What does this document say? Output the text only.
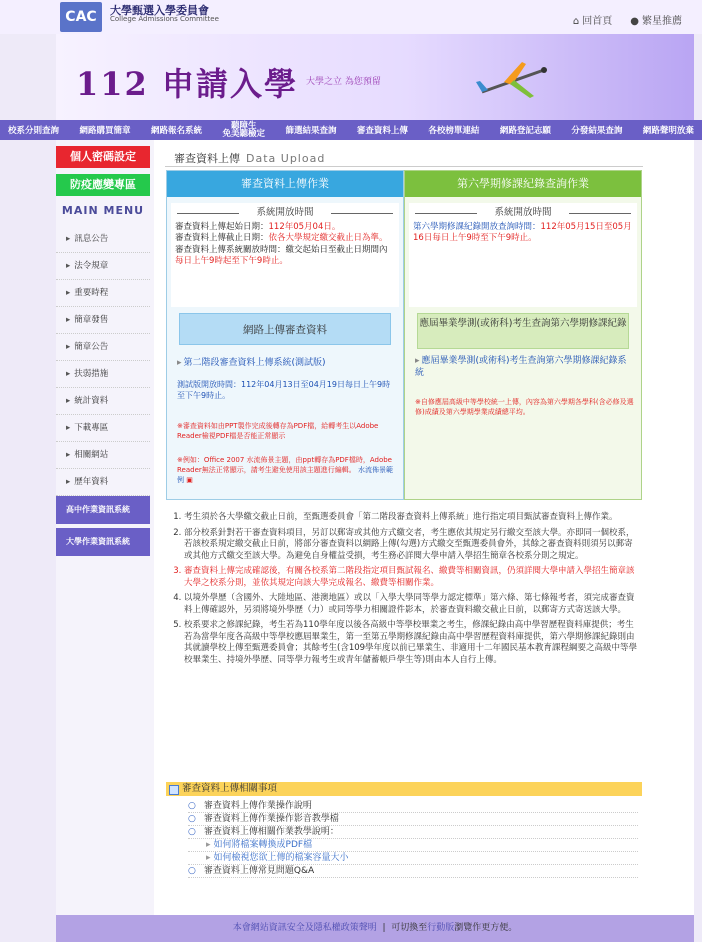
CAC	大學甄選入學委員會
College Admissions Committee	⌂ 回首頁 ● 繁星推薦
112 申請入學 大學之立 為您預留
校系分則查詢 網路購買簡章 網路報名系統	聽障生
免美聽檢定 篩選結果查詢 審查資料上傳 各校榜單連結 網路登記志願 分發結果查詢 網路聲明放棄
個人密碼設定
防疫應變專區
MAIN MENU
▸ 訊息公告
▸ 法令規章
▸ 重要時程
▸ 簡章發售
▸ 簡章公告
▸ 扶弱措施
▸ 統計資料
▸ 下載專區
▸ 相關網站
▸ 歷年資料
高中作業資訊系統
大學作業資訊系統
審查資料上傳 Data Upload
審查資料上傳作業
系統開放時間
審查資料上傳起始日期：112年05月04日。
審查資料上傳截止日期：依各大學規定繳交截止日為準。
審查資料上傳系統關放時間：繳交起始日至截止日期間內每日上午9時起至下午9時止。
網路上傳審查資料
▸ 第二階段審查資料上傳系統(測試版)
測試版開放時間：112年04月13日至04月19日每日上午9時至下午9時止。
※審查資料如由PPT製作完成後轉存為PDF檔，給轉考生以Adobe Reader檢視PDF檔是否能正常顯示
※例如：Office 2007 水流佈景主題，由ppt轉存為PDF檔時，Adobe Reader無法正常顯示，請考生避免使用該主題進行編輯。 水流佈景範例 ▣
第六學期修課紀錄查詢作業
系統開放時間
第六學期修課紀錄開放查詢時間：112年05月15日至05月16日每日上午9時至下午9時止。
應屆畢業學測(或術科)考生查詢第六學期修課紀錄
▸ 應屆畢業學測(或術科)考生查詢第六學期修課紀錄系統
※自修應屆高級中等學校統一上傳，內容為第六學期各學科(含必修及選修)成績及第六學期學業成績總平均。
1. 考生須於各大學繳交截止日前，至甄選委員會「第二階段審查資料上傳系統」進行指定項目甄試審查資料上傳作業。
2. 部分校系針對若干審查資料項目，另訂以郵寄或其他方式繳交者，考生應依其規定另行繳交至該大學。亦即同一個校系，若該校系規定繳交截止日前，將部分審查資料以網路上傳(勾選)方式繳交至甄選委員會外，其餘之審查資料則須另以郵寄或其他方式繳交至該大學。為避免自身權益受損，考生務必詳閱大學申請入學招生簡章各校系分則之規定。
3. 審查資料上傳完成確認後，有關各校系第二階段指定項目甄試報名、繳費等相關資訊，仍須詳閱大學申請入學招生簡章該大學之校系分則，並依其規定向該大學完成報名、繳費等相關作業。
4. 以境外學歷（含國外、大陸地區、港澳地區）或以「入學大學同等學力認定標準」第六條、第七條報考者，須完成審查資料上傳確認外，另須將境外學歷（力）或同等學力相關證件影本，於審查資料繳交截止日前，以郵寄方式寄送該大學。
5. 校系要求之修課紀錄，考生若為110學年度以後各高級中等學校畢業之考生，修課紀錄由高中學習歷程資料庫提供；考生若為當學年度各高級中等學校應屆畢業生，第一至第五學期修課紀錄由高中學習歷程資料庫提供，第六學期修課紀錄則由其就讀學校上傳至甄選委員會；其餘考生(含109學年度以前已畢業生、非適用十二年國民基本教育課程綱要之高級中等學校畢業生、持境外學歷、同等學力報考生或青年儲蓄帳戶學生等)則由本人自行上傳。
審查資料上傳相關事項
○ 審查資料上傳作業操作說明
○ 審查資料上傳作業操作影音教學檔
○ 審查資料上傳相關作業教學說明：
▸ 如何將檔案轉換成PDF檔
▸ 如何檢視您欲上傳的檔案容量大小
○ 審查資料上傳常見問題Q&A
本會網站資訊安全及隱私權政策聲明  |  可切換至行動版瀏覽作更方便。
